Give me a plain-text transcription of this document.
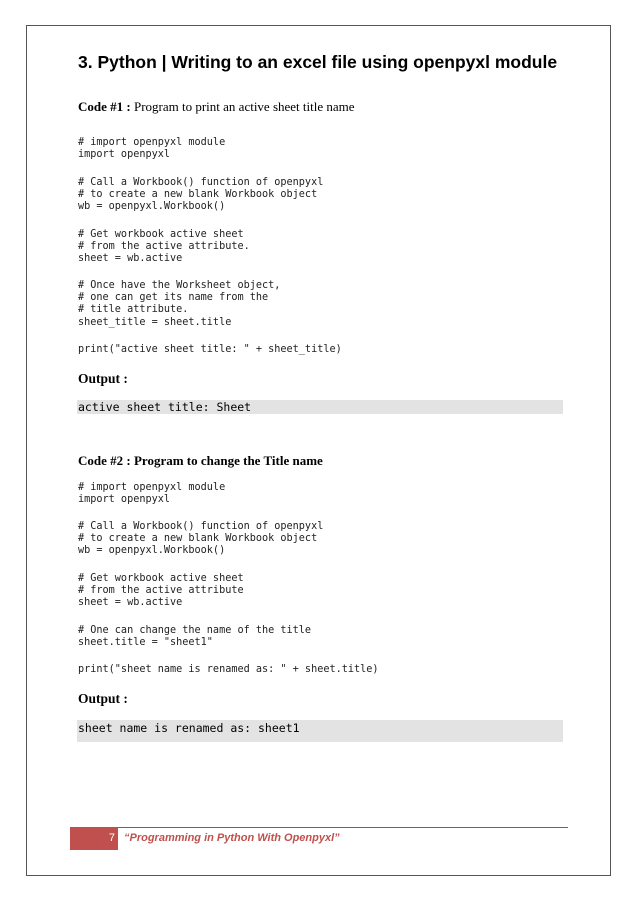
3. Python | Writing to an excel file using openpyxl module
Code #1 : Program to print an active sheet title name
# import openpyxl module
import openpyxl
# Call a Workbook() function of openpyxl
# to create a new blank Workbook object
wb = openpyxl.Workbook()
# Get workbook active sheet
# from the active attribute.
sheet = wb.active
# Once have the Worksheet object,
# one can get its name from the
# title attribute.
sheet_title = sheet.title
print("active sheet title: " + sheet_title)
Output :
active sheet title: Sheet
Code #2 : Program to change the Title name
# import openpyxl module
import openpyxl
# Call a Workbook() function of openpyxl
# to create a new blank Workbook object
wb = openpyxl.Workbook()
# Get workbook active sheet
# from the active attribute
sheet = wb.active
# One can change the name of the title
sheet.title = "sheet1"
print("sheet name is renamed as: " + sheet.title)
Output :
sheet name is renamed as: sheet1
7 “Programming in Python With Openpyxl”
